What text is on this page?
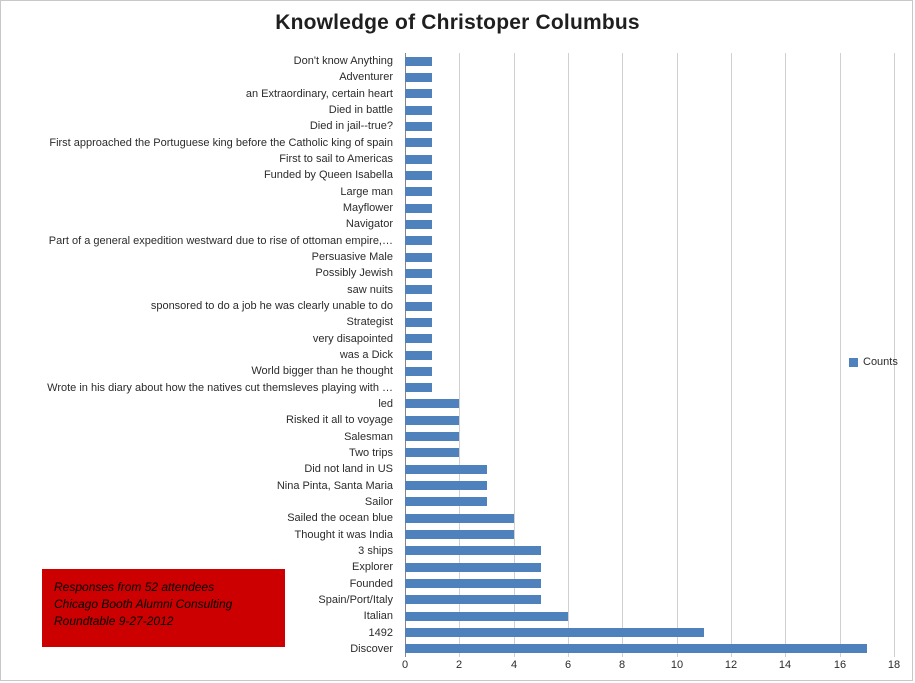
Knowledge of Christoper Columbus
Don't know Anything
Adventurer
an Extraordinary, certain heart
Died in battle
Died in jail--true?
First approached the Portuguese king before the Catholic king of spain
First to sail to Americas
Funded by Queen Isabella
Large man
Mayflower
Navigator
Part of a general expedition westward due to rise of ottoman empire,…
Persuasive Male
Possibly Jewish
saw nuits
sponsored to do a job he was clearly unable to do
Strategist
very disapointed
was a Dick
World bigger than he thought
Wrote in his diary about how the natives cut themsleves playing with …
led
Risked it all to voyage
Salesman
Two trips
Did not land in US
Nina Pinta, Santa Maria
Sailor
Sailed the ocean blue
Thought it was India
3 ships
Explorer
Founded
Spain/Port/Italy
Italian
1492
Discover
0	2	4	6	8	10	12	14	16	18
Counts
Responses from 52 attendees
Chicago Booth Alumni Consulting
Roundtable 9-27-2012
